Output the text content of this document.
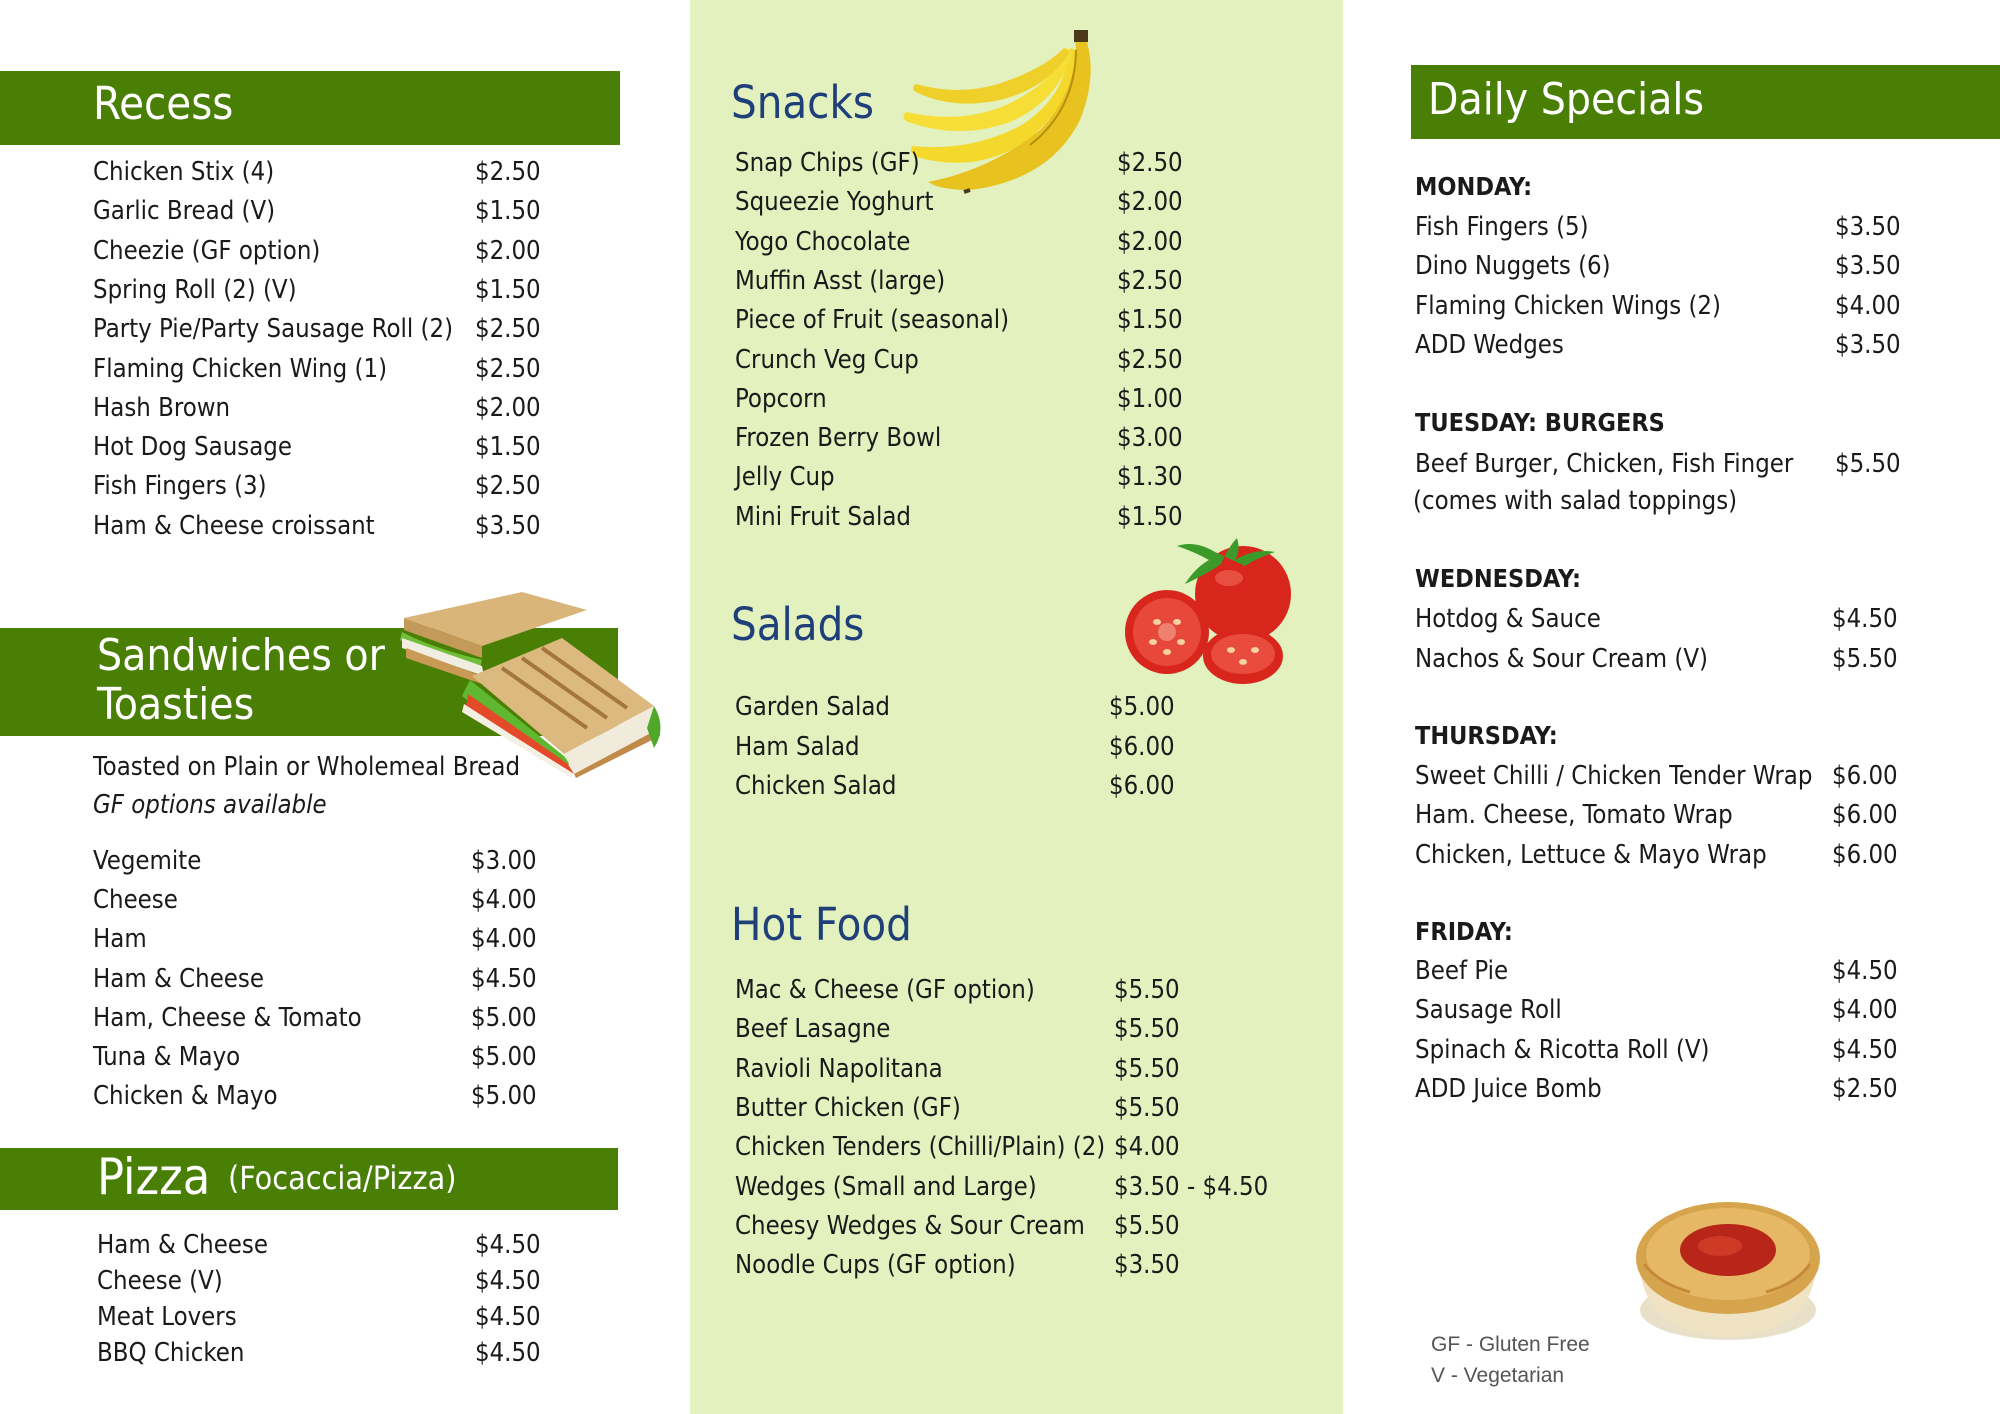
Recess
Chicken Stix (4)	$2.50
Garlic Bread (V)	$1.50
Cheezie (GF option)	$2.00
Spring Roll (2) (V)	$1.50
Party Pie/Party Sausage Roll (2) $2.50
Flaming Chicken Wing (1)	$2.50
Hash Brown	$2.00
Hot Dog Sausage	$1.50
Fish Fingers (3)	$2.50
Ham & Cheese croissant	$3.50
Sandwiches or
Toasties
Toasted on Plain or Wholemeal Bread
GF options available
Vegemite	$3.00
Cheese	$4.00
Ham	$4.00
Ham & Cheese	$4.50
Ham, Cheese & Tomato	$5.00
Tuna & Mayo	$5.00
Chicken & Mayo	$5.00
Pizza (Focaccia/Pizza)
Ham & Cheese	$4.50
Cheese (V)	$4.50
Meat Lovers	$4.50
BBQ Chicken	$4.50
Snacks
Snap Chips (GF)	$2.50
Squeezie Yoghurt	$2.00
Yogo Chocolate	$2.00
Muffin Asst (large)	$2.50
Piece of Fruit (seasonal)	$1.50
Crunch Veg Cup	$2.50
Popcorn	$1.00
Frozen Berry Bowl	$3.00
Jelly Cup	$1.30
Mini Fruit Salad	$1.50
Salads
Garden Salad	$5.00
Ham Salad	$6.00
Chicken Salad	$6.00
Hot Food
Mac & Cheese (GF option)	$5.50
Beef Lasagne	$5.50
Ravioli Napolitana	$5.50
Butter Chicken (GF)	$5.50
Chicken Tenders (Chilli/Plain) (2) $4.00
Wedges (Small and Large)	$3.50 - $4.50
Cheesy Wedges & Sour Cream $5.50
Noodle Cups (GF option)	$3.50
Daily Specials
MONDAY:
Fish Fingers (5)	$3.50
Dino Nuggets (6)	$3.50
Flaming Chicken Wings (2)	$4.00
ADD Wedges	$3.50
TUESDAY: BURGERS
Beef Burger, Chicken, Fish Finger $5.50
(comes with salad toppings)
WEDNESDAY:
Hotdog & Sauce	$4.50
Nachos & Sour Cream (V)	$5.50
THURSDAY:
Sweet Chilli / Chicken Tender Wrap $6.00
Ham. Cheese, Tomato Wrap	$6.00
Chicken, Lettuce & Mayo Wrap	$6.00
FRIDAY:
Beef Pie	$4.50
Sausage Roll	$4.00
Spinach & Ricotta Roll (V)	$4.50
ADD Juice Bomb	$2.50
GF - Gluten Free
V - Vegetarian
